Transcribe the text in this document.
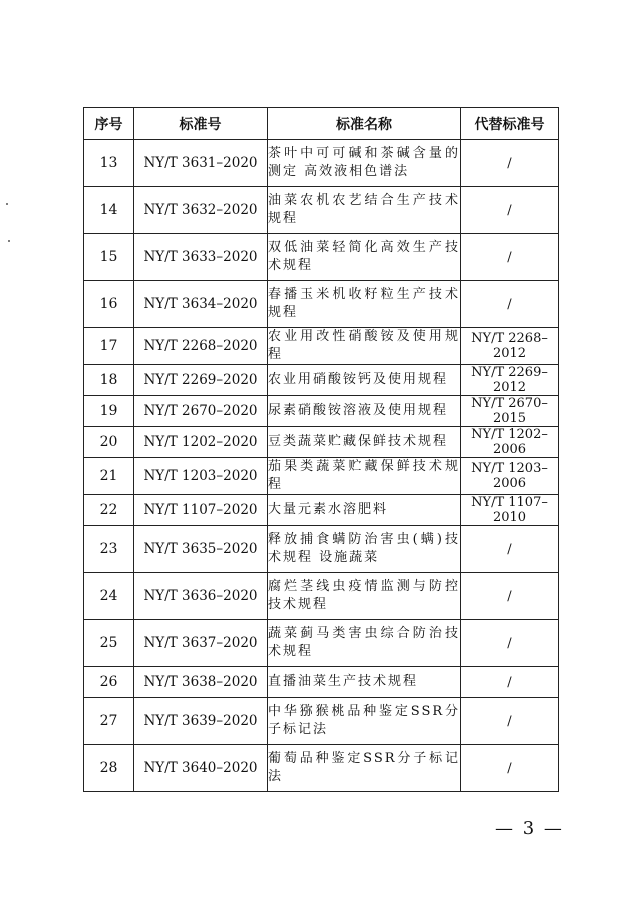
序号	标准号	标准名称	代替标准号
13	NY/T 3631–2020	茶叶中可可碱和茶碱含量的测定 高效液相色谱法	/
14	NY/T 3632–2020	油菜农机农艺结合生产技术规程	/
15	NY/T 3633–2020	双低油菜轻简化高效生产技术规程	/
16	NY/T 3634–2020	春播玉米机收籽粒生产技术规程	/
17	NY/T 2268–2020	农业用改性硝酸铵及使用规程	NY/T 2268–2012
18	NY/T 2269–2020	农业用硝酸铵钙及使用规程	NY/T 2269–2012
19	NY/T 2670–2020	尿素硝酸铵溶液及使用规程	NY/T 2670–2015
20	NY/T 1202–2020	豆类蔬菜贮藏保鲜技术规程	NY/T 1202–2006
21	NY/T 1203–2020	茄果类蔬菜贮藏保鲜技术规程	NY/T 1203–2006
22	NY/T 1107–2020	大量元素水溶肥料	NY/T 1107–2010
23	NY/T 3635–2020	释放捕食螨防治害虫(螨)技术规程 设施蔬菜	/
24	NY/T 3636–2020	腐烂茎线虫疫情监测与防控技术规程	/
25	NY/T 3637–2020	蔬菜蓟马类害虫综合防治技术规程	/
26	NY/T 3638–2020	直播油菜生产技术规程	/
27	NY/T 3639–2020	中华猕猴桃品种鉴定SSR分子标记法	/
28	NY/T 3640–2020	葡萄品种鉴定SSR分子标记法	/
— 3 —
